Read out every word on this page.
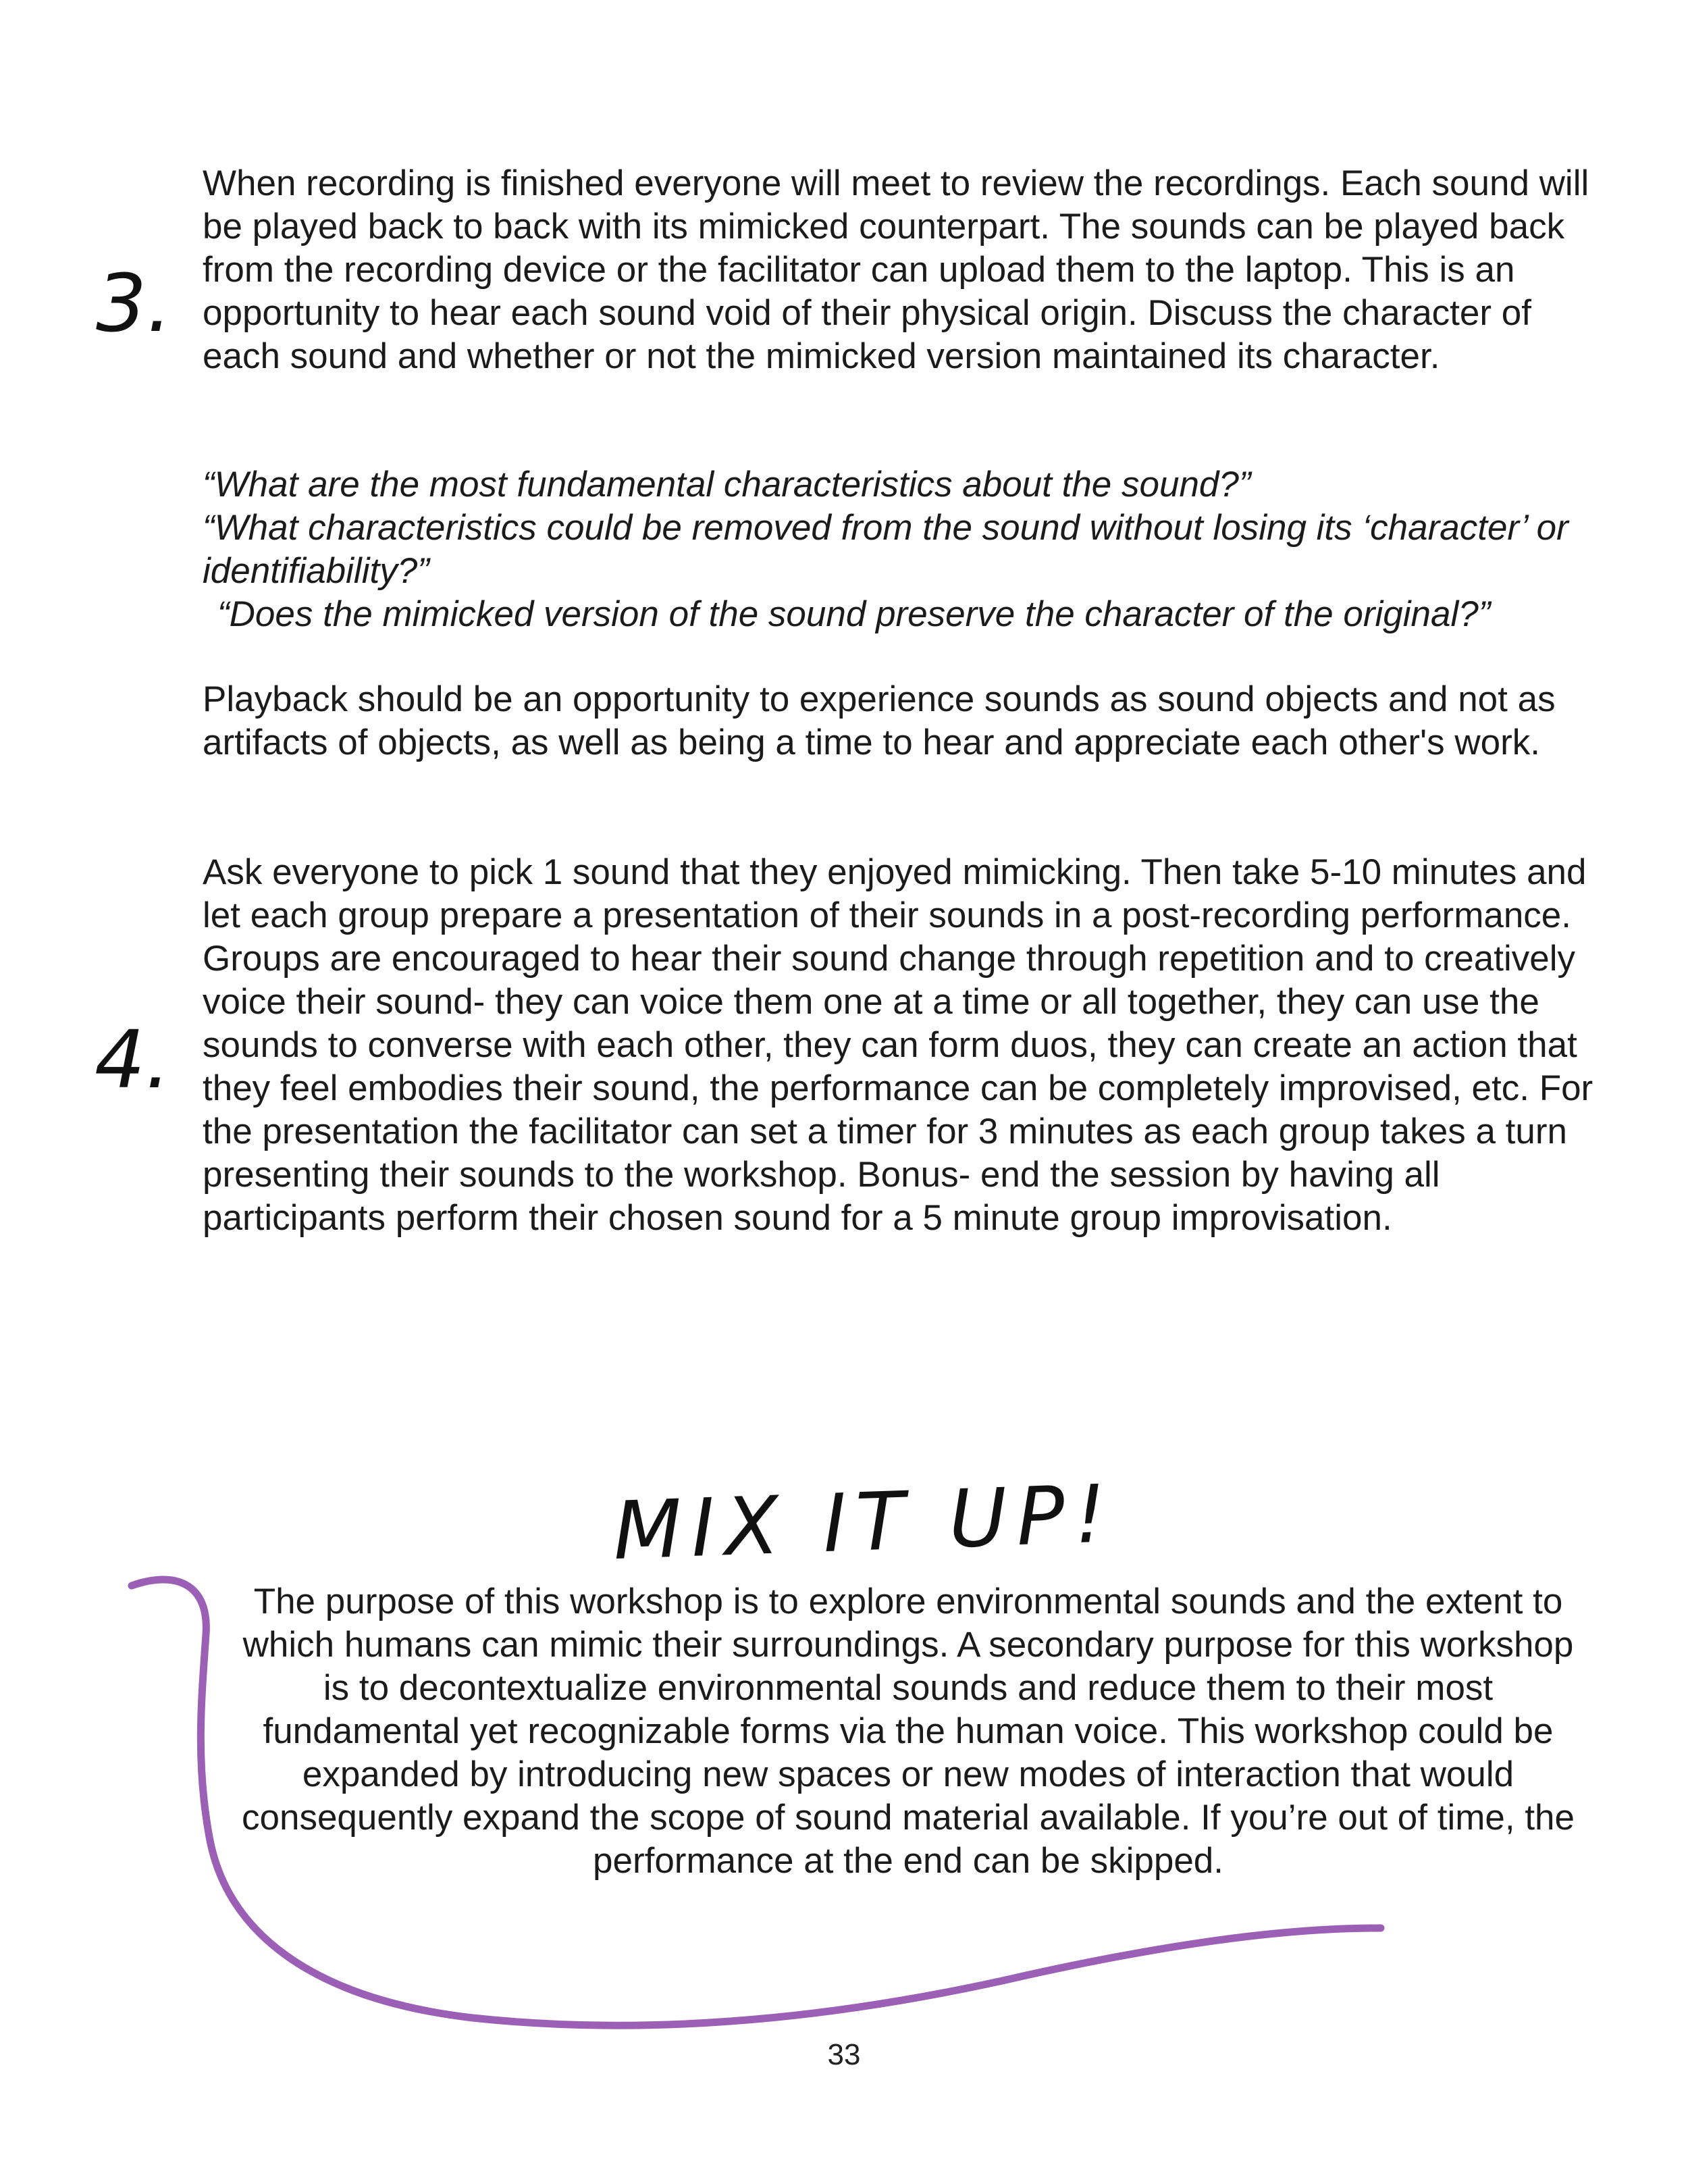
3.

When recording is finished everyone will meet to review the recordings. Each sound will be played back to back with its mimicked counterpart. The sounds can be played back from the recording device or the facilitator can upload them to the laptop. This is an opportunity to hear each sound void of their physical origin. Discuss the character of each sound and whether or not the mimicked version maintained its character.

“What are the most fundamental characteristics about the sound?”
“What characteristics could be removed from the sound without losing its ‘character’ or identifiability?”
“Does the mimicked version of the sound preserve the character of the original?”

Playback should be an opportunity to experience sounds as sound objects and not as artifacts of objects, as well as being a time to hear and appreciate each other's work.

4.

Ask everyone to pick 1 sound that they enjoyed mimicking. Then take 5-10 minutes and let each group prepare a presentation of their sounds in a post-recording performance. Groups are encouraged to hear their sound change through repetition and to creatively voice their sound- they can voice them one at a time or all together, they can use the sounds to converse with each other, they can form duos, they can create an action that they feel embodies their sound, the performance can be completely improvised, etc. For the presentation the facilitator can set a timer for 3 minutes as each group takes a turn presenting their sounds to the workshop. Bonus- end the session by having all participants perform their chosen sound for a 5 minute group improvisation.

MIX IT UP!

The purpose of this workshop is to explore environmental sounds and the extent to which humans can mimic their surroundings. A secondary purpose for this workshop is to decontextualize environmental sounds and reduce them to their most fundamental yet recognizable forms via the human voice. This workshop could be expanded by introducing new spaces or new modes of interaction that would consequently expand the scope of sound material available. If you’re out of time, the performance at the end can be skipped.

33
